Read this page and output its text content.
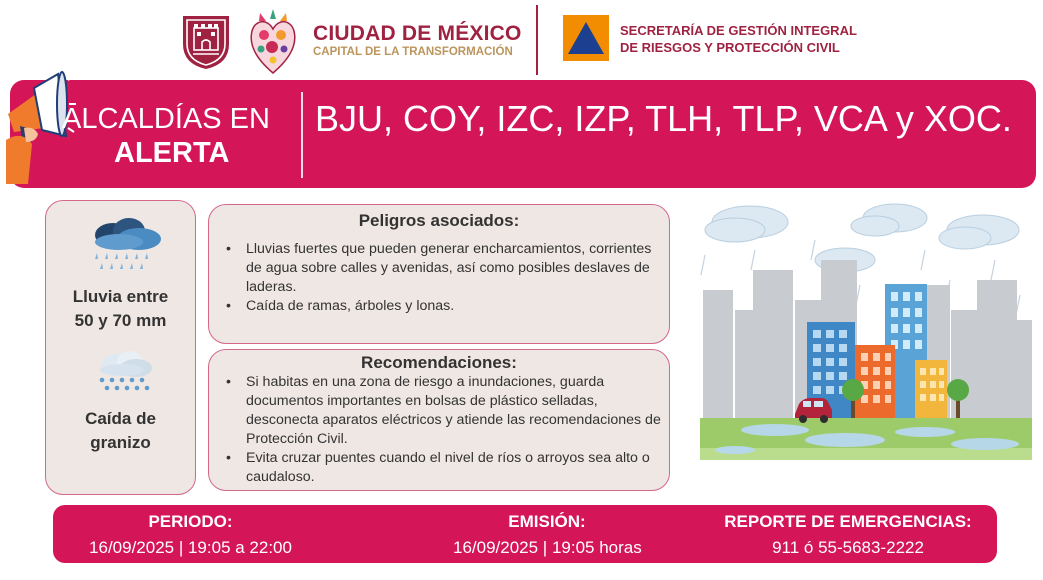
CIUDAD DE MÉXICO
CAPITAL DE LA TRANSFORMACIÓN
SECRETARÍA DE GESTIÓN INTEGRAL
DE RIESGOS Y PROTECCIÓN CIVIL
ALCALDÍAS EN
ALERTA
BJU, COY, IZC, IZP, TLH, TLP, VCA y XOC.
Lluvia entre
50 y 70 mm
Caída de
granizo
Peligros asociados:
• Lluvias fuertes que pueden generar encharcamientos, corrientes de agua sobre calles y avenidas, así como posibles deslaves de laderas.
• Caída de ramas, árboles y lonas.
Recomendaciones:
• Si habitas en una zona de riesgo a inundaciones, guarda documentos importantes en bolsas de plástico selladas, desconecta aparatos eléctricos y atiende las recomendaciones de Protección Civil.
• Evita cruzar puentes cuando el nivel de ríos o arroyos sea alto o caudaloso.
PERIODO:
16/09/2025 | 19:05 a 22:00
EMISIÓN:
16/09/2025 | 19:05 horas
REPORTE DE EMERGENCIAS:
911 ó 55-5683-2222
